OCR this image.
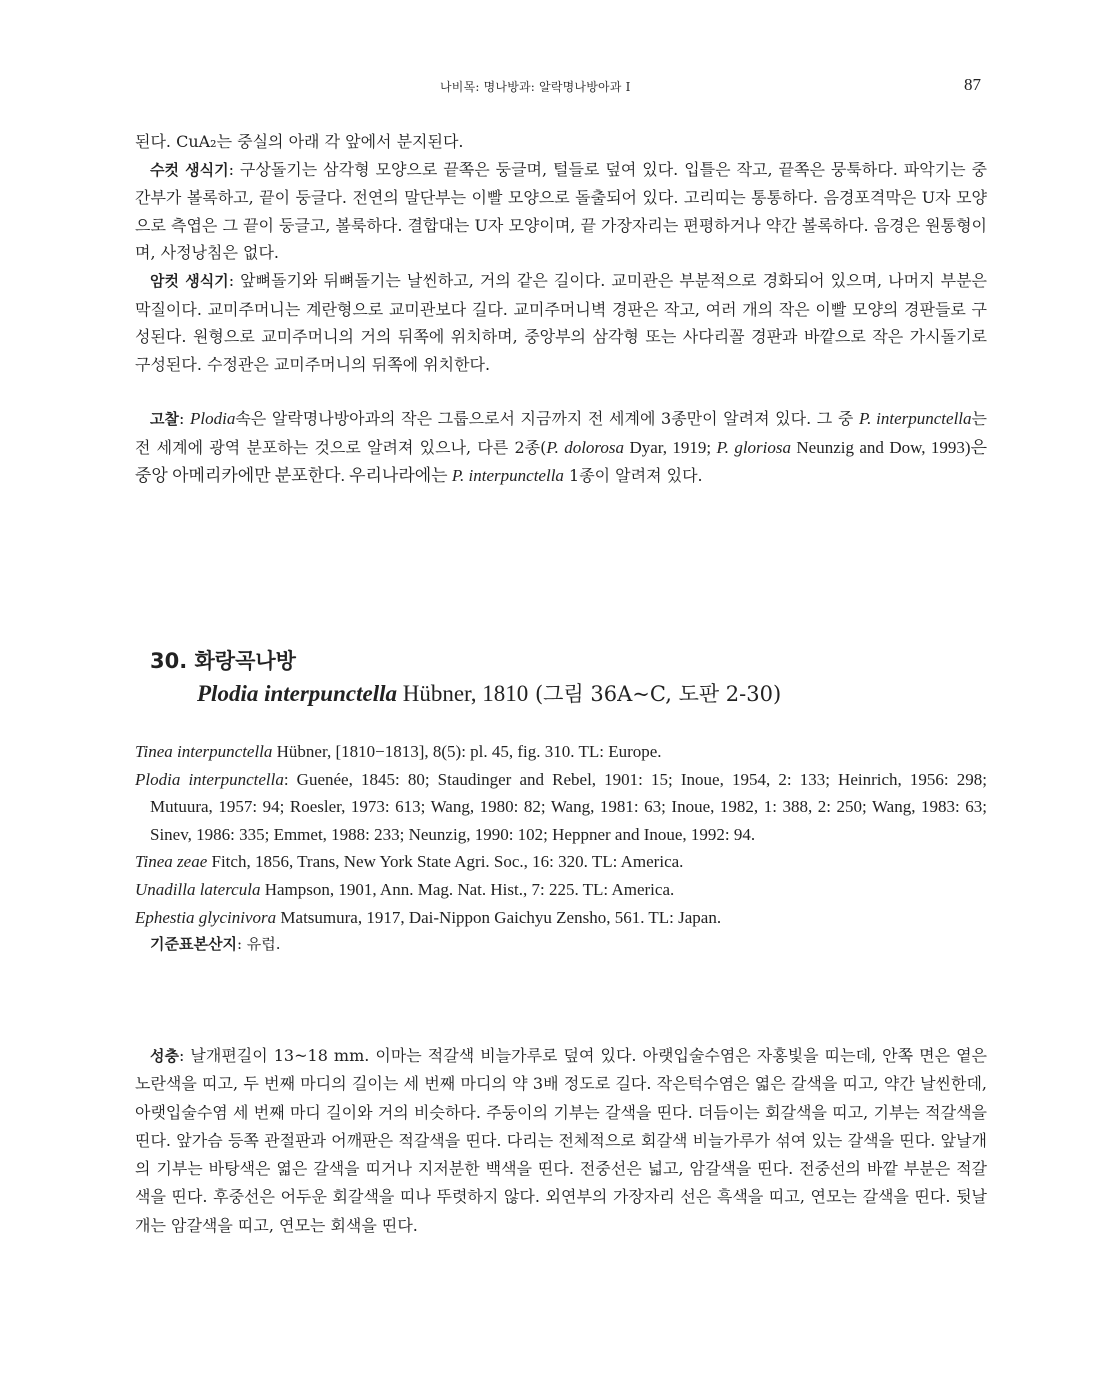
나비목: 명나방과: 알락명나방아과 I	87

된다. CuA₂는 중실의 아래 각 앞에서 분지된다.

수컷 생식기: 구상돌기는 삼각형 모양으로 끝쪽은 둥글며, 털들로 덮여 있다. 입틀은 작고, 끝쪽은 뭉툭하다. 파악기는 중간부가 볼록하고, 끝이 둥글다. 전연의 말단부는 이빨 모양으로 돌출되어 있다. 고리띠는 통통하다. 음경포격막은 U자 모양으로 측엽은 그 끝이 둥글고, 볼룩하다. 결합대는 U자 모양이며, 끝 가장자리는 편평하거나 약간 볼록하다. 음경은 원통형이며, 사정낭침은 없다.

암컷 생식기: 앞뼈돌기와 뒤뼈돌기는 날씬하고, 거의 같은 길이다. 교미관은 부분적으로 경화되어 있으며, 나머지 부분은 막질이다. 교미주머니는 계란형으로 교미관보다 길다. 교미주머니벽 경판은 작고, 여러 개의 작은 이빨 모양의 경판들로 구성된다. 원형으로 교미주머니의 거의 뒤쪽에 위치하며, 중앙부의 삼각형 또는 사다리꼴 경판과 바깥으로 작은 가시돌기로 구성된다. 수정관은 교미주머니의 뒤쪽에 위치한다.

고찰: Plodia속은 알락명나방아과의 작은 그룹으로서 지금까지 전 세계에 3종만이 알려져 있다. 그 중 P. interpunctella는 전 세계에 광역 분포하는 것으로 알려져 있으나, 다른 2종(P. dolorosa Dyar, 1919; P. gloriosa Neunzig and Dow, 1993)은 중앙 아메리카에만 분포한다. 우리나라에는 P. interpunctella 1종이 알려져 있다.

30. 화랑곡나방
Plodia interpunctella Hübner, 1810 (그림 36A~C, 도판 2-30)

Tinea interpunctella Hübner, [1810−1813], 8(5): pl. 45, fig. 310. TL: Europe.

Plodia interpunctella: Guenée, 1845: 80; Staudinger and Rebel, 1901: 15; Inoue, 1954, 2: 133; Heinrich, 1956: 298; Mutuura, 1957: 94; Roesler, 1973: 613; Wang, 1980: 82; Wang, 1981: 63; Inoue, 1982, 1: 388, 2: 250; Wang, 1983: 63; Sinev, 1986: 335; Emmet, 1988: 233; Neunzig, 1990: 102; Heppner and Inoue, 1992: 94.

Tinea zeae Fitch, 1856, Trans, New York State Agri. Soc., 16: 320. TL: America.

Unadilla latercula Hampson, 1901, Ann. Mag. Nat. Hist., 7: 225. TL: America.

Ephestia glycinivora Matsumura, 1917, Dai-Nippon Gaichyu Zensho, 561. TL: Japan.

기준표본산지: 유럽.

성충: 날개편길이 13~18 mm. 이마는 적갈색 비늘가루로 덮여 있다. 아랫입술수염은 자홍빛을 띠는데, 안쪽 면은 옅은 노란색을 띠고, 두 번째 마디의 길이는 세 번째 마디의 약 3배 정도로 길다. 작은턱수염은 엷은 갈색을 띠고, 약간 날씬한데, 아랫입술수염 세 번째 마디 길이와 거의 비슷하다. 주둥이의 기부는 갈색을 띤다. 더듬이는 회갈색을 띠고, 기부는 적갈색을 띤다. 앞가슴 등쪽 관절판과 어깨판은 적갈색을 띤다. 다리는 전체적으로 회갈색 비늘가루가 섞여 있는 갈색을 띤다. 앞날개의 기부는 바탕색은 엷은 갈색을 띠거나 지저분한 백색을 띤다. 전중선은 넓고, 암갈색을 띤다. 전중선의 바깥 부분은 적갈색을 띤다. 후중선은 어두운 회갈색을 띠나 뚜렷하지 않다. 외연부의 가장자리 선은 흑색을 띠고, 연모는 갈색을 띤다. 뒷날개는 암갈색을 띠고, 연모는 회색을 띤다.
